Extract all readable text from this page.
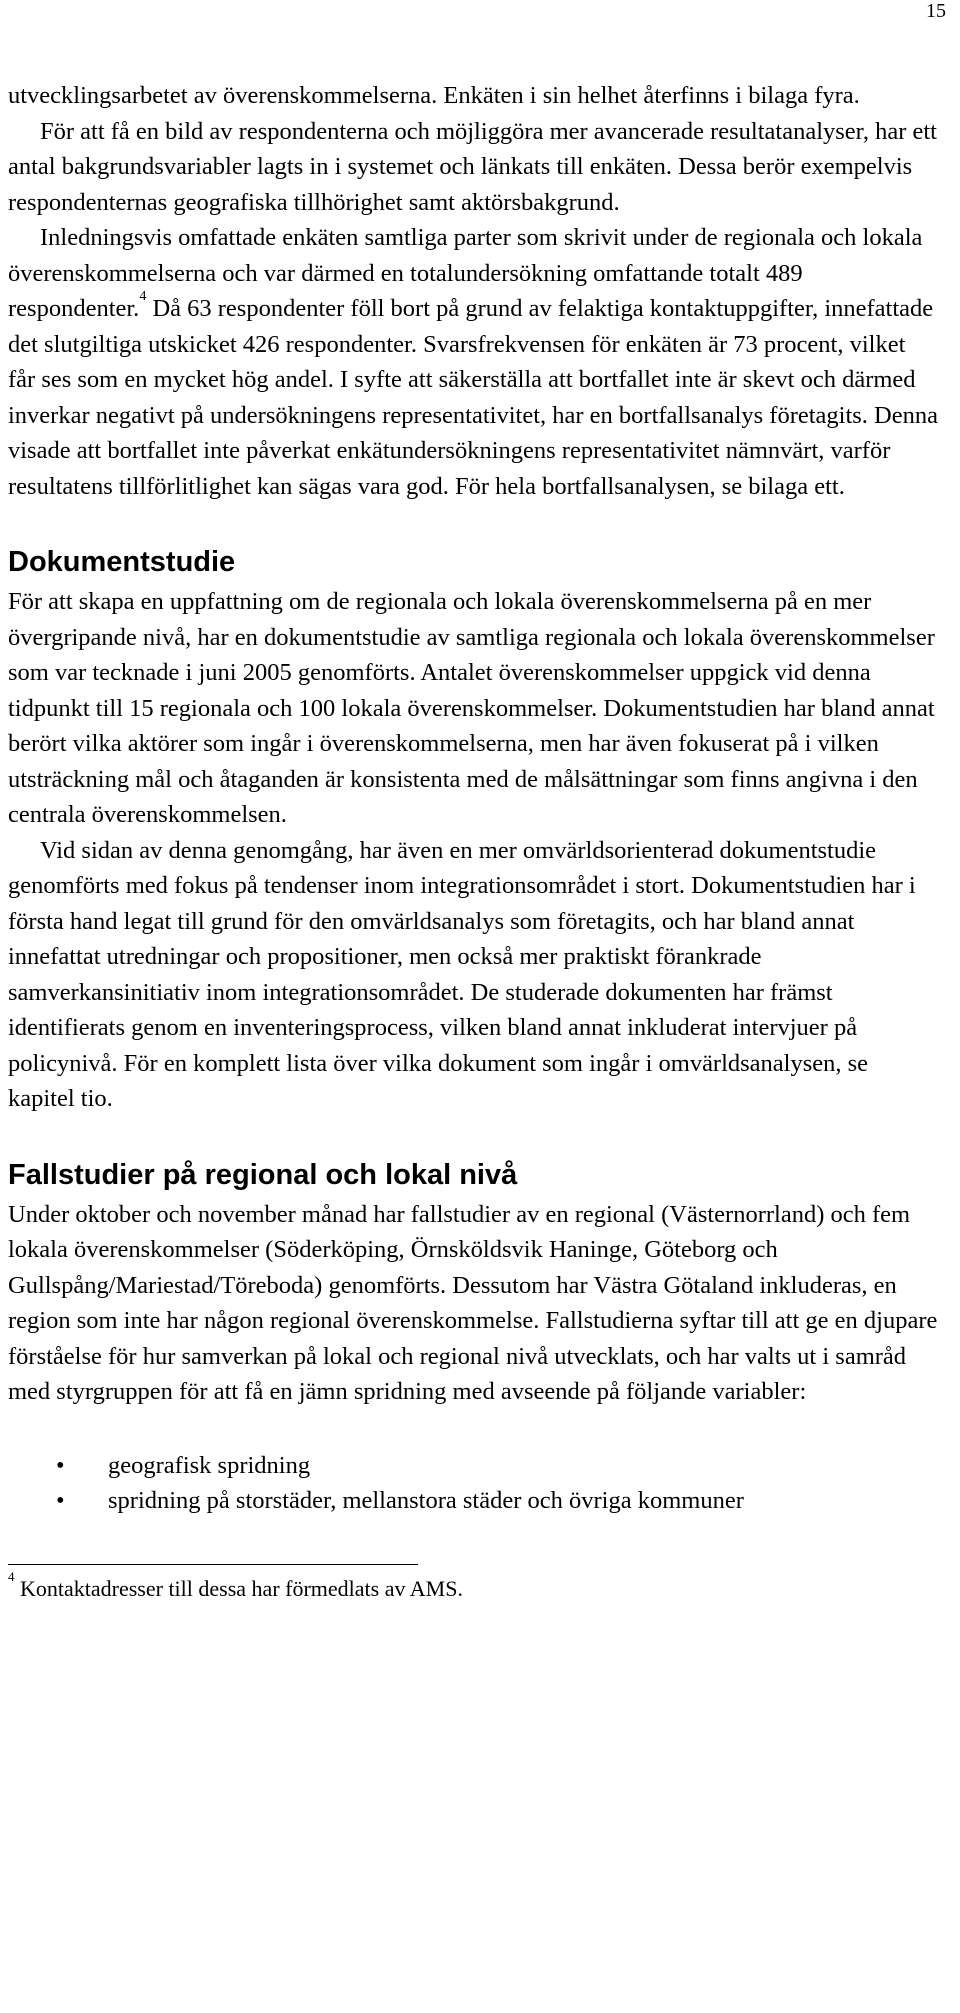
15

utvecklingsarbetet av överenskommelserna. Enkäten i sin helhet återfinns i bilaga fyra.

För att få en bild av respondenterna och möjliggöra mer avancerade resultatanalyser, har ett antal bakgrundsvariabler lagts in i systemet och länkats till enkäten. Dessa berör exempelvis respondenternas geografiska tillhörighet samt aktörsbakgrund.

Inledningsvis omfattade enkäten samtliga parter som skrivit under de regionala och lokala överenskommelserna och var därmed en totalundersökning omfattande totalt 489 respondenter.$^4$ Då 63 respondenter föll bort på grund av felaktiga kontaktuppgifter, innefattade det slutgiltiga utskicket 426 respondenter. Svarsfrekvensen för enkäten är 73 procent, vilket får ses som en mycket hög andel. I syfte att säkerställa att bortfallet inte är skevt och därmed inverkar negativt på undersökningens representativitet, har en bortfallsanalys företagits. Denna visade att bortfallet inte påverkat enkätundersökningens representativitet nämnvärt, varför resultatens tillförlitlighet kan sägas vara god. För hela bortfallsanalysen, se bilaga ett.

Dokumentstudie

För att skapa en uppfattning om de regionala och lokala överenskommelserna på en mer övergripande nivå, har en dokumentstudie av samtliga regionala och lokala överenskommelser som var tecknade i juni 2005 genomförts. Antalet överenskommelser uppgick vid denna tidpunkt till 15 regionala och 100 lokala överenskommelser. Dokumentstudien har bland annat berört vilka aktörer som ingår i överenskommelserna, men har även fokuserat på i vilken utsträckning mål och åtaganden är konsistenta med de målsättningar som finns angivna i den centrala överenskommelsen.

Vid sidan av denna genomgång, har även en mer omvärldsorienterad dokumentstudie genomförts med fokus på tendenser inom integrationsområdet i stort. Dokumentstudien har i första hand legat till grund för den omvärldsanalys som företagits, och har bland annat innefattat utredningar och propositioner, men också mer praktiskt förankrade samverkansinitiativ inom integrationsområdet. De studerade dokumenten har främst identifierats genom en inventeringsprocess, vilken bland annat inkluderat intervjuer på policynivå. För en komplett lista över vilka dokument som ingår i omvärldsanalysen, se kapitel tio.

Fallstudier på regional och lokal nivå

Under oktober och november månad har fallstudier av en regional (Västernorrland) och fem lokala överenskommelser (Söderköping, Örnsköldsvik Haninge, Göteborg och Gullspång/Mariestad/Töreboda) genomförts. Dessutom har Västra Götaland inkluderas, en region som inte har någon regional överenskommelse. Fallstudierna syftar till att ge en djupare förståelse för hur samverkan på lokal och regional nivå utvecklats, och har valts ut i samråd med styrgruppen för att få en jämn spridning med avseende på följande variabler:

• geografisk spridning
• spridning på storstäder, mellanstora städer och övriga kommuner
$^4$ Kontaktadresser till dessa har förmedlats av AMS.
